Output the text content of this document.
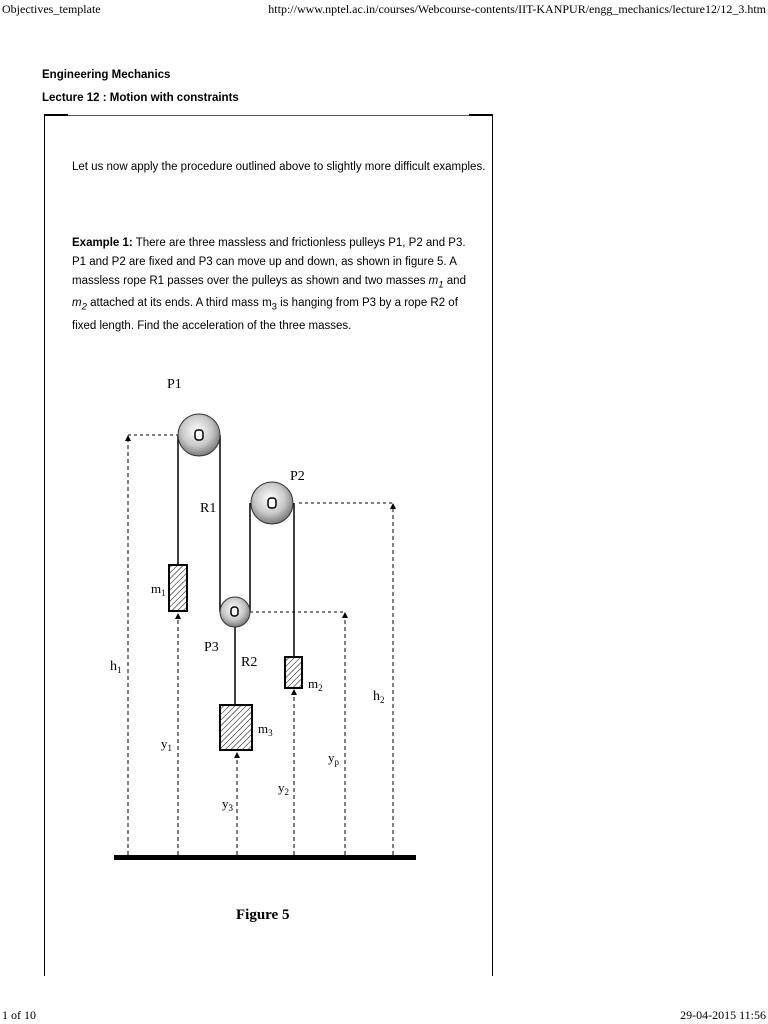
Objectives_template	http://www.nptel.ac.in/courses/Webcourse-contents/IIT-KANPUR/engg_mechanics/lecture12/12_3.htm
Engineering Mechanics
Lecture 12 : Motion with constraints
Let us now apply the procedure outlined above to slightly more difficult examples.
Example 1: There are three massless and frictionless pulleys P1, P2 and P3. P1 and P2 are fixed and P3 can move up and down, as shown in figure 5. A massless rope R1 passes over the pulleys as shown and two masses $m_1$ and $m_2$ attached at its ends. A third mass $m_3$ is hanging from P3 by a rope R2 of fixed length. Find the acceleration of the three masses.
P1
P2
P3
R1
R2
$m_1$
$m_2$
$m_3$
$h_1$
$h_2$
$y_1$
$y_3$
$y_2$
$y_p$
Figure 5
1 of 10	29-04-2015 11:56
